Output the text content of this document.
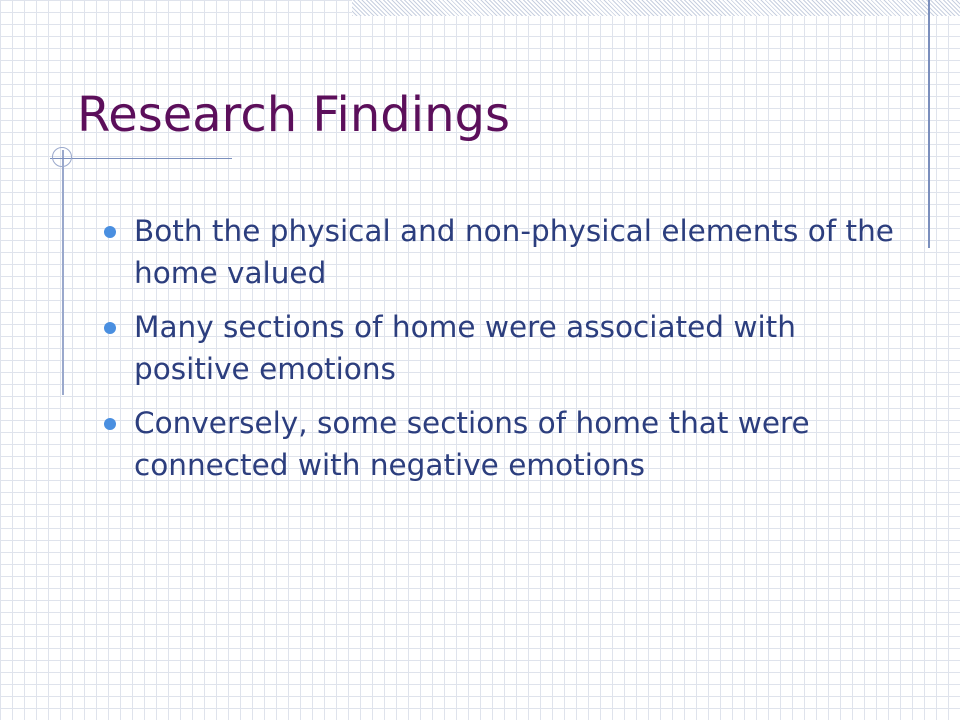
Research Findings
Both the physical and non-physical elements of the home valued
Many sections of home were associated with positive emotions
Conversely, some sections of home that were connected with negative emotions
